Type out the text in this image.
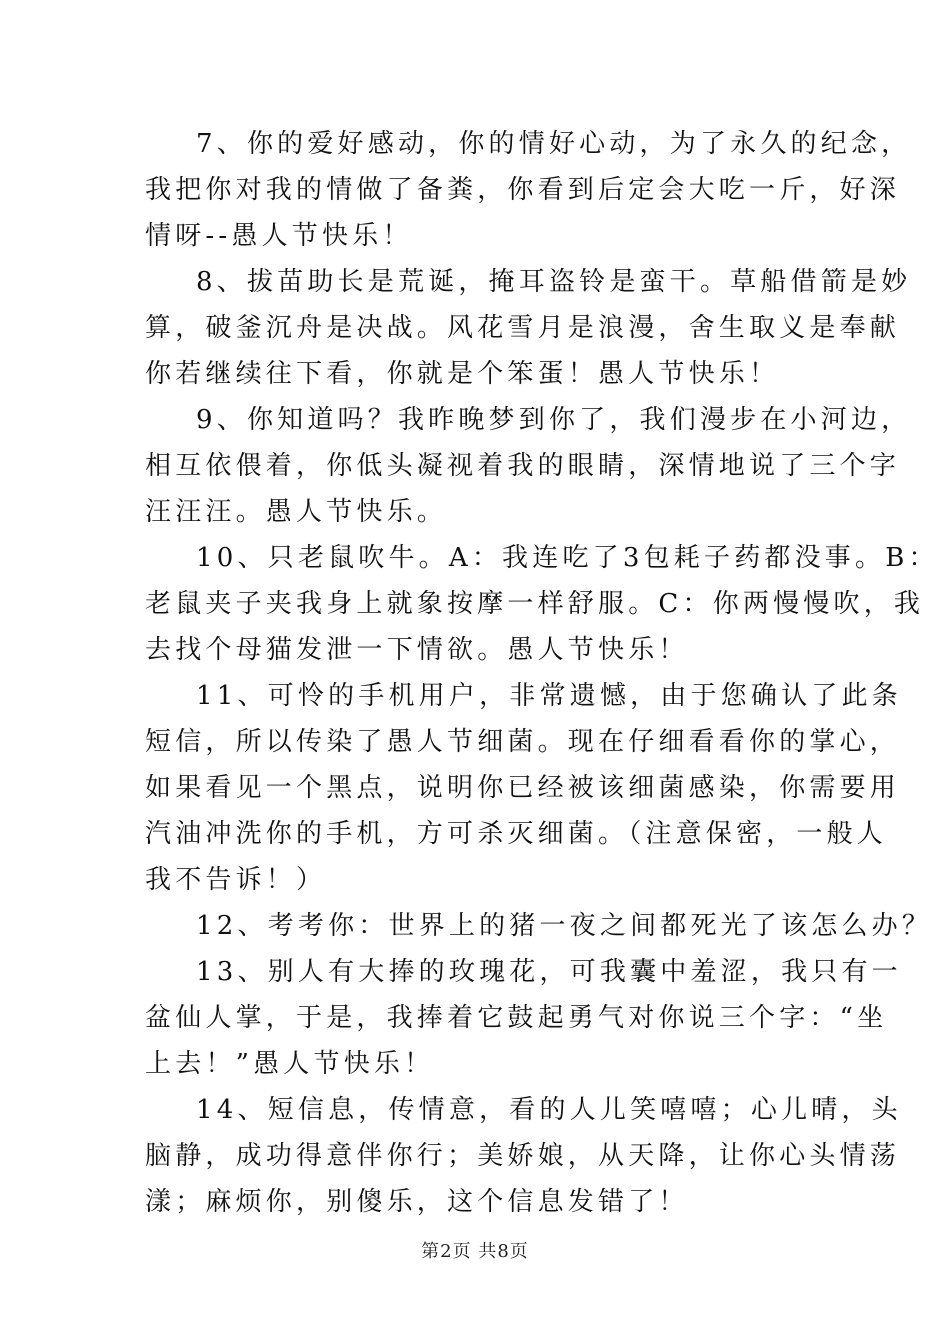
7、你的爱好感动，你的情好心动，为了永久的纪念，
我把你对我的情做了备粪，你看到后定会大吃一斤，好深
情呀--愚人节快乐！
8、拔苗助长是荒诞，掩耳盗铃是蛮干。草船借箭是妙
算，破釜沉舟是决战。风花雪月是浪漫，舍生取义是奉献
你若继续往下看，你就是个笨蛋！愚人节快乐！
9、你知道吗？我昨晚梦到你了，我们漫步在小河边，
相互依偎着，你低头凝视着我的眼睛，深情地说了三个字
汪汪汪。愚人节快乐。
10、只老鼠吹牛。A：我连吃了3包耗子药都没事。B：
老鼠夹子夹我身上就象按摩一样舒服。C：你两慢慢吹，我
去找个母猫发泄一下情欲。愚人节快乐！
11、可怜的手机用户，非常遗憾，由于您确认了此条
短信，所以传染了愚人节细菌。现在仔细看看你的掌心，
如果看见一个黑点，说明你已经被该细菌感染，你需要用
汽油冲洗你的手机，方可杀灭细菌。（注意保密，一般人
我不告诉！）
12、考考你：世界上的猪一夜之间都死光了该怎么办？
13、别人有大捧的玫瑰花，可我囊中羞涩，我只有一
盆仙人掌，于是，我捧着它鼓起勇气对你说三个字：“坐
上去！”愚人节快乐！
14、短信息，传情意，看的人儿笑嘻嘻；心儿晴，头
脑静，成功得意伴你行；美娇娘，从天降，让你心头情荡
漾；麻烦你，别傻乐，这个信息发错了！
第2页 共8页
